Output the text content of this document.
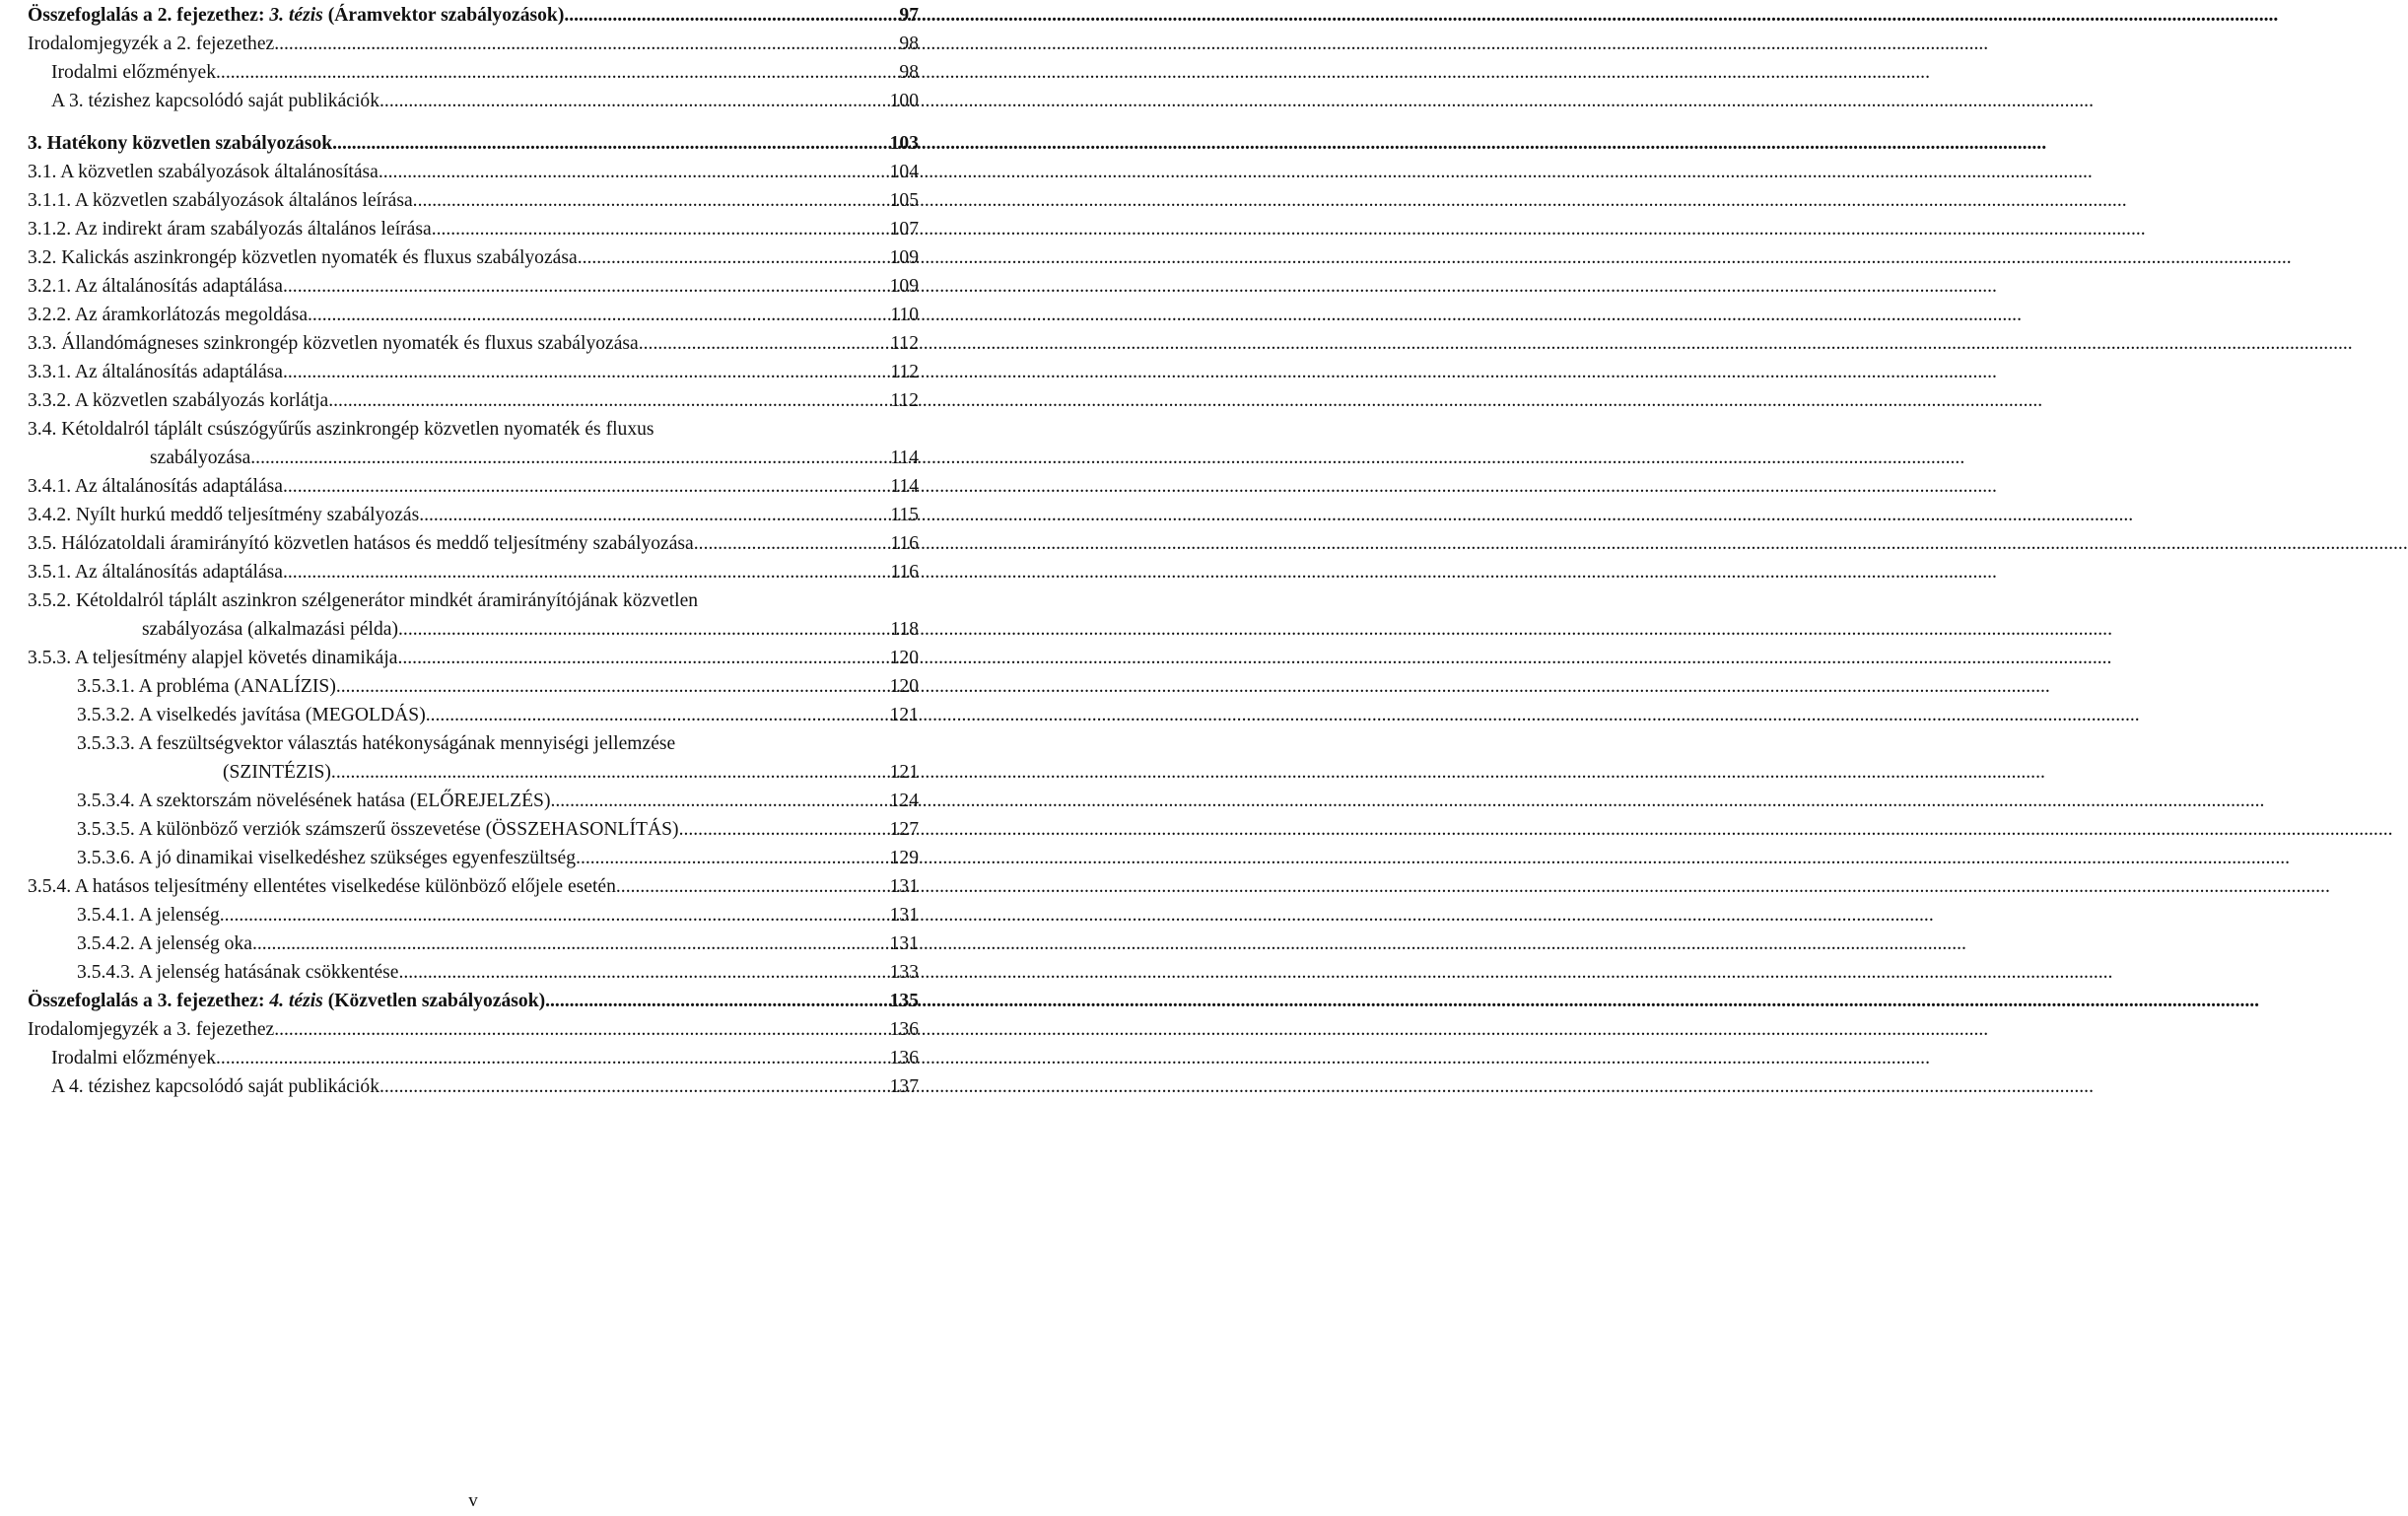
Összefoglalás a 2. fejezethez: 3. tézis (Áramvektor szabályozások) .....	97
Irodalomjegyzék a 2. fejezethez .....	98
Irodalmi előzmények .....	98
A 3. tézishez kapcsolódó saját publikációk .....	100
3. Hatékony közvetlen szabályozások .....	103
3.1. A közvetlen szabályozások általánosítása .....	104
3.1.1. A közvetlen szabályozások általános leírása .....	105
3.1.2. Az indirekt áram szabályozás általános leírása .....	107
3.2. Kalickás aszinkrongép közvetlen nyomaték és fluxus szabályozása .....	109
3.2.1. Az általánosítás adaptálása .....	109
3.2.2. Az áramkorlátozás megoldása .....	110
3.3. Állandómágneses szinkrongép közvetlen nyomaték és fluxus szabályozása .....	112
3.3.1. Az általánosítás adaptálása .....	112
3.3.2. A közvetlen szabályozás korlátja .....	112
3.4. Kétoldalról táplált csúszógyűrűs aszinkrongép közvetlen nyomaték és fluxus
szabályozása .....	114
3.4.1. Az általánosítás adaptálása .....	114
3.4.2. Nyílt hurkú meddő teljesítmény szabályozás .....	115
3.5. Hálózatoldali áramirányító közvetlen hatásos és meddő teljesítmény szabályozása .....	116
3.5.1. Az általánosítás adaptálása .....	116
3.5.2. Kétoldalról táplált aszinkron szélgenerátor mindkét áramirányítójának közvetlen
szabályozása (alkalmazási példa) .....	118
3.5.3. A teljesítmény alapjel követés dinamikája .....	120
3.5.3.1. A probléma (ANALÍZIS) .....	120
3.5.3.2. A viselkedés javítása (MEGOLDÁS) .....	121
3.5.3.3. A feszültségvektor választás hatékonyságának mennyiségi jellemzése
(SZINTÉZIS) .....	121
3.5.3.4. A szektorszám növelésének hatása (ELŐREJELZÉS) .....	124
3.5.3.5. A különböző verziók számszerű összevetése (ÖSSZEHASONLÍTÁS) .....	127
3.5.3.6. A jó dinamikai viselkedéshez szükséges egyenfeszültség .....	129
3.5.4. A hatásos teljesítmény ellentétes viselkedése különböző előjele esetén .....	131
3.5.4.1. A jelenség .....	131
3.5.4.2. A jelenség oka .....	131
3.5.4.3. A jelenség hatásának csökkentése .....	133
Összefoglalás a 3. fejezethez: 4. tézis (Közvetlen szabályozások) .....	135
Irodalomjegyzék a 3. fejezethez .....	136
Irodalmi előzmények .....	136
A 4. tézishez kapcsolódó saját publikációk .....	137
v
